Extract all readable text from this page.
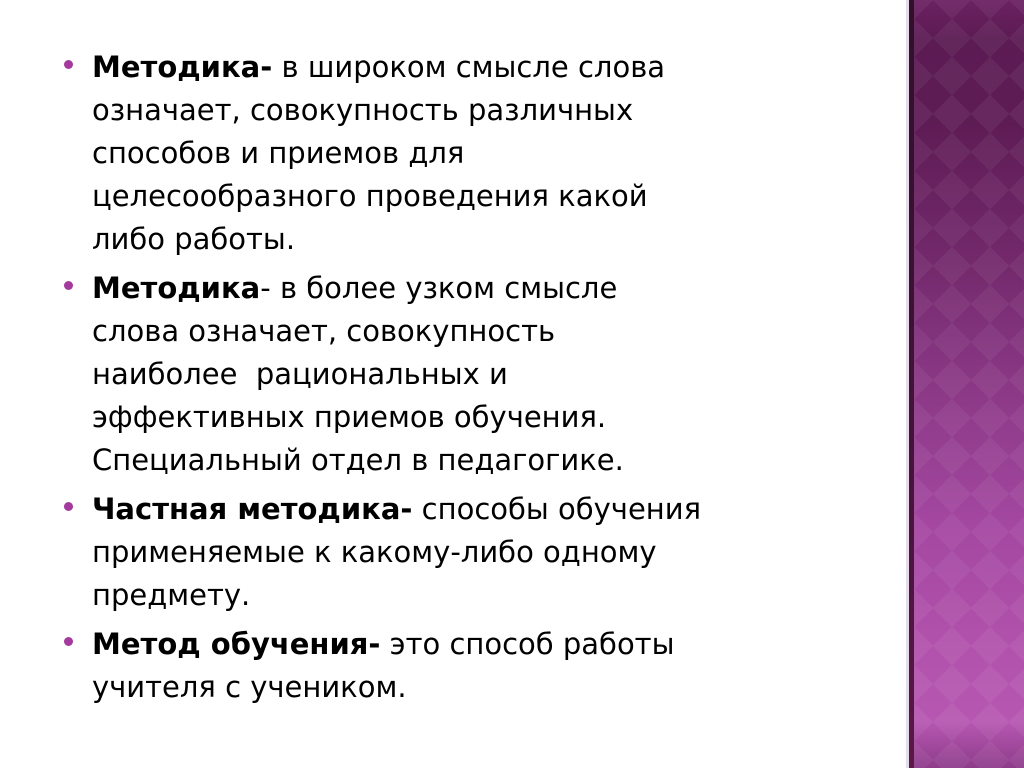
Методика- в широком смысле слова
означает, совокупность различных
способов и приемов для
целесообразного проведения какой
либо работы.
Методика- в более узком смысле
слова означает, совокупность
наиболее  рациональных и
эффективных приемов обучения.
Специальный отдел в педагогике.
Частная методика- способы обучения
применяемые к какому-либо одному
предмету.
Метод обучения- это способ работы
учителя с учеником.
